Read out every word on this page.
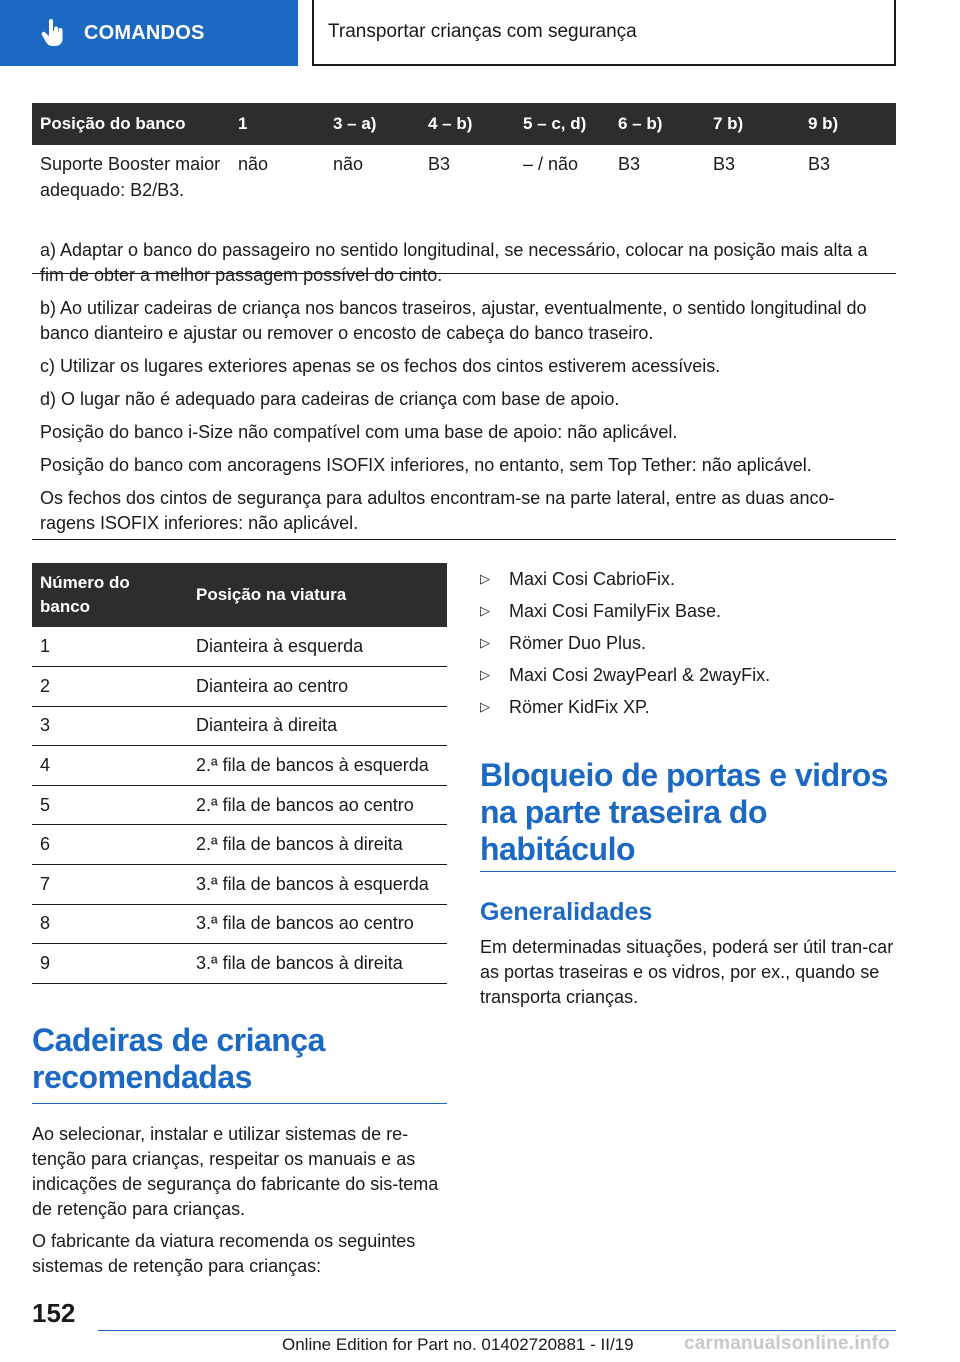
COMANDOS	Transportar crianças com segurança
Posição do banco	1	3 – a)	4 – b)	5 – c, d)	6 – b)	7 b)	9 b)
Suporte Booster maior adequado: B2/B3.	não	não	B3	– / não	B3	B3	B3

a) Adaptar o banco do passageiro no sentido longitudinal, se necessário, colocar na posição mais alta a fim de obter a melhor passagem possível do cinto.

b) Ao utilizar cadeiras de criança nos bancos traseiros, ajustar, eventualmente, o sentido longitudinal do banco dianteiro e ajustar ou remover o encosto de cabeça do banco traseiro.

c) Utilizar os lugares exteriores apenas se os fechos dos cintos estiverem acessíveis.

d) O lugar não é adequado para cadeiras de criança com base de apoio.

Posição do banco i-Size não compatível com uma base de apoio: não aplicável.

Posição do banco com ancoragens ISOFIX inferiores, no entanto, sem Top Tether: não aplicável.

Os fechos dos cintos de segurança para adultos encontram-se na parte lateral, entre as duas anco-ragens ISOFIX inferiores: não aplicável.

Número do banco	Posição na viatura
1	Dianteira à esquerda
2	Dianteira ao centro
3	Dianteira à direita
4	2.ª fila de bancos à esquerda
5	2.ª fila de bancos ao centro
6	2.ª fila de bancos à direita
7	3.ª fila de bancos à esquerda
8	3.ª fila de bancos ao centro
9	3.ª fila de bancos à direita
Cadeiras de criança recomendadas

Ao selecionar, instalar e utilizar sistemas de re-tenção para crianças, respeitar os manuais e as indicações de segurança do fabricante do sis-tema de retenção para crianças.

O fabricante da viatura recomenda os seguintes sistemas de retenção para crianças:

▷	Maxi Cosi CabrioFix.
▷	Maxi Cosi FamilyFix Base.
▷	Römer Duo Plus.
▷	Maxi Cosi 2wayPearl & 2wayFix.
▷	Römer KidFix XP.
Bloqueio de portas e vidros na parte traseira do habitáculo
Generalidades

Em determinadas situações, poderá ser útil tran-car as portas traseiras e os vidros, por ex., quando se transporta crianças.

152
Online Edition for Part no. 01402720881 - II/19	carmanualsonline.info
